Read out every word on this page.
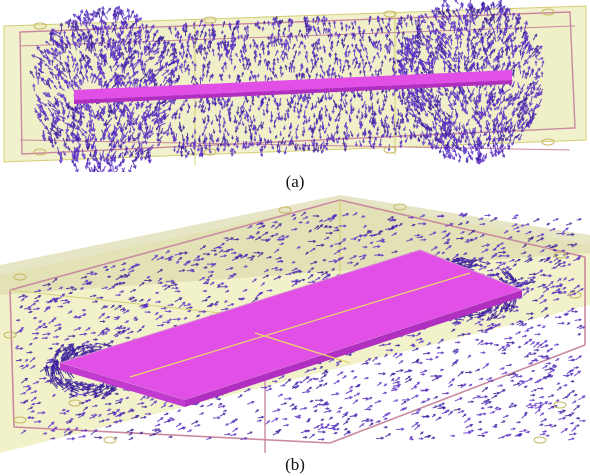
(a)
(b)
